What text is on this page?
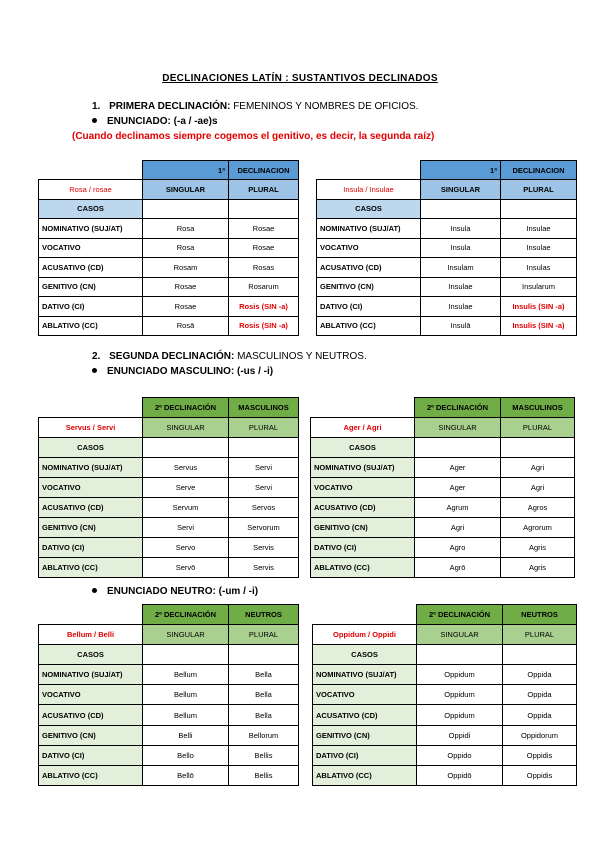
DECLINACIONES LATÍN : SUSTANTIVOS DECLINADOS
1. PRIMERA DECLINACIÓN: FEMENINOS Y NOMBRES DE OFICIOS.
ENUNCIADO: (-a / -ae)s
(Cuando declinamos siempre cogemos el genitivo, es decir, la segunda raíz)
2. SEGUNDA DECLINACIÓN: MASCULINOS Y NEUTROS.
ENUNCIADO MASCULINO: (-us / -i)
ENUNCIADO NEUTRO: (-um / -i)
	1ª	DECLINACION
Rosa / rosae	SINGULAR	PLURAL
CASOS		
NOMINATIVO (SUJ/AT)	Rosa	Rosae
VOCATIVO	Rosa	Rosae
ACUSATIVO (CD)	Rosam	Rosas
GENITIVO (CN)	Rosae	Rosarum
DATIVO (CI)	Rosae	Rosis (SIN -a)
ABLATIVO (CC)	Rosā	Rosis (SIN -a)
	1ª	DECLINACION
Insula / Insulae	SINGULAR	PLURAL
CASOS		
NOMINATIVO (SUJ/AT)	Insula	Insulae
VOCATIVO	Insula	Insulae
ACUSATIVO (CD)	Insulam	Insulas
GENITIVO (CN)	Insulae	Insularum
DATIVO (CI)	Insulae	Insulis (SIN -a)
ABLATIVO (CC)	Insulā	Insulis (SIN -a)
	2º DECLINACIÓN	MASCULINOS
Servus / Servi	SINGULAR	PLURAL
CASOS		
NOMINATIVO (SUJ/AT)	Servus	Servi
VOCATIVO	Serve	Servi
ACUSATIVO (CD)	Servum	Servos
GENITIVO (CN)	Servi	Servorum
DATIVO (CI)	Servo	Servis
ABLATIVO (CC)	Servō	Servis
	2º DECLINACIÓN	MASCULINOS
Ager / Agri	SINGULAR	PLURAL
CASOS		
NOMINATIVO (SUJ/AT)	Ager	Agri
VOCATIVO	Ager	Agri
ACUSATIVO (CD)	Agrum	Agros
GENITIVO (CN)	Agri	Agrorum
DATIVO (CI)	Agro	Agris
ABLATIVO (CC)	Agrō	Agris
	2º DECLINACIÓN	NEUTROS
Bellum / Belli	SINGULAR	PLURAL
CASOS		
NOMINATIVO (SUJ/AT)	Bellum	Bella
VOCATIVO	Bellum	Bella
ACUSATIVO (CD)	Bellum	Bella
GENITIVO (CN)	Belli	Bellorum
DATIVO (CI)	Bello	Bellis
ABLATIVO (CC)	Bellō	Bellis
	2º DECLINACIÓN	NEUTROS
Oppidum / Oppidi	SINGULAR	PLURAL
CASOS		
NOMINATIVO (SUJ/AT)	Oppidum	Oppida
VOCATIVO	Oppidum	Oppida
ACUSATIVO (CD)	Oppidum	Oppida
GENITIVO (CN)	Oppidi	Oppidorum
DATIVO (CI)	Oppido	Oppidis
ABLATIVO (CC)	Oppidō	Oppidis
